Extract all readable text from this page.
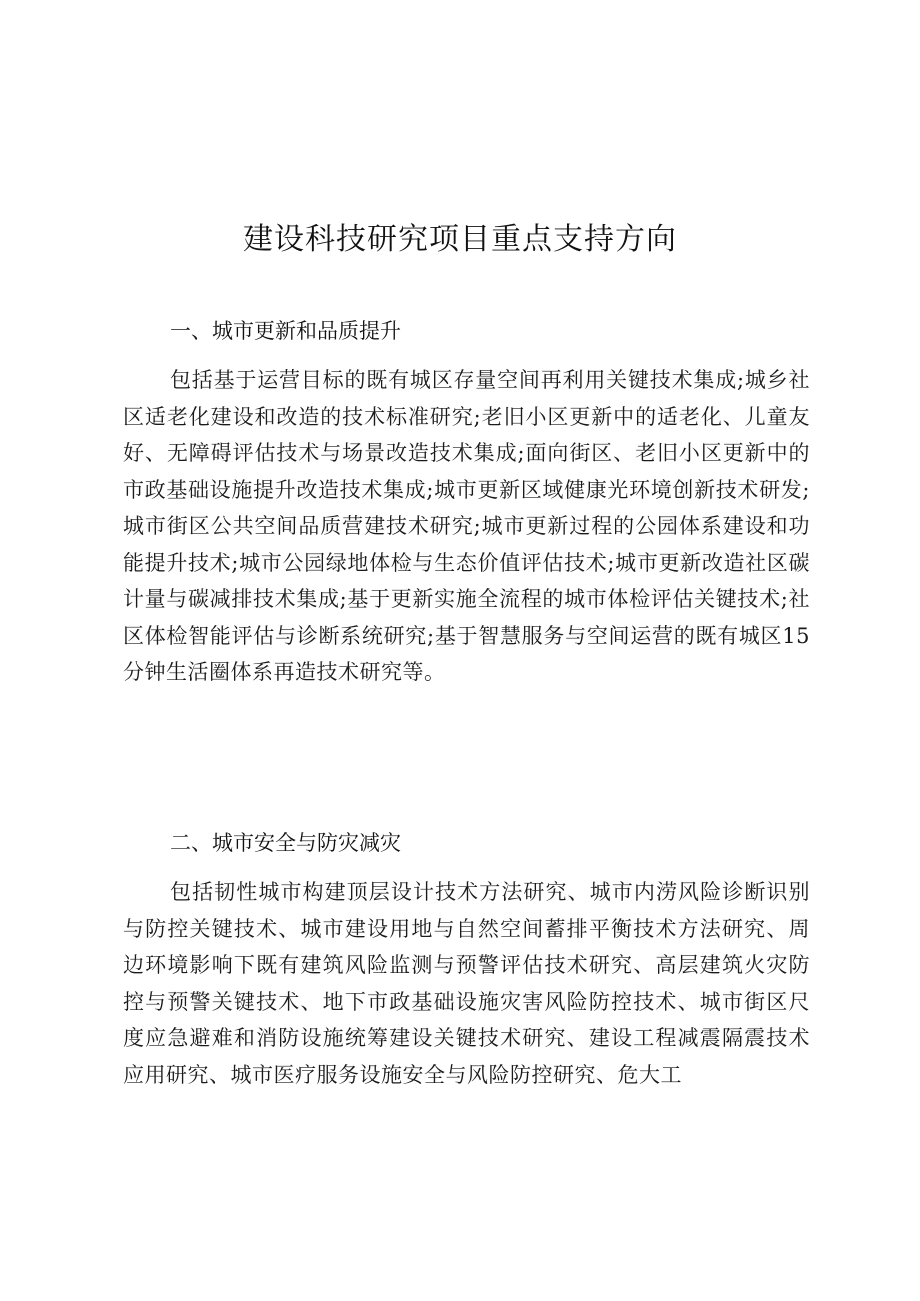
建设科技研究项目重点支持方向
一、城市更新和品质提升

包括基于运营目标的既有城区存量空间再利用关键技术集成;城乡社区适老化建设和改造的技术标准研究;老旧小区更新中的适老化、儿童友好、无障碍评估技术与场景改造技术集成;面向街区、老旧小区更新中的市政基础设施提升改造技术集成;城市更新区域健康光环境创新技术研发;城市街区公共空间品质营建技术研究;城市更新过程的公园体系建设和功能提升技术;城市公园绿地体检与生态价值评估技术;城市更新改造社区碳计量与碳减排技术集成;基于更新实施全流程的城市体检评估关键技术;社区体检智能评估与诊断系统研究;基于智慧服务与空间运营的既有城区15分钟生活圈体系再造技术研究等。

二、城市安全与防灾减灾

包括韧性城市构建顶层设计技术方法研究、城市内涝风险诊断识别与防控关键技术、城市建设用地与自然空间蓄排平衡技术方法研究、周边环境影响下既有建筑风险监测与预警评估技术研究、高层建筑火灾防控与预警关键技术、地下市政基础设施灾害风险防控技术、城市街区尺度应急避难和消防设施统筹建设关键技术研究、建设工程减震隔震技术应用研究、城市医疗服务设施安全与风险防控研究、危大工
